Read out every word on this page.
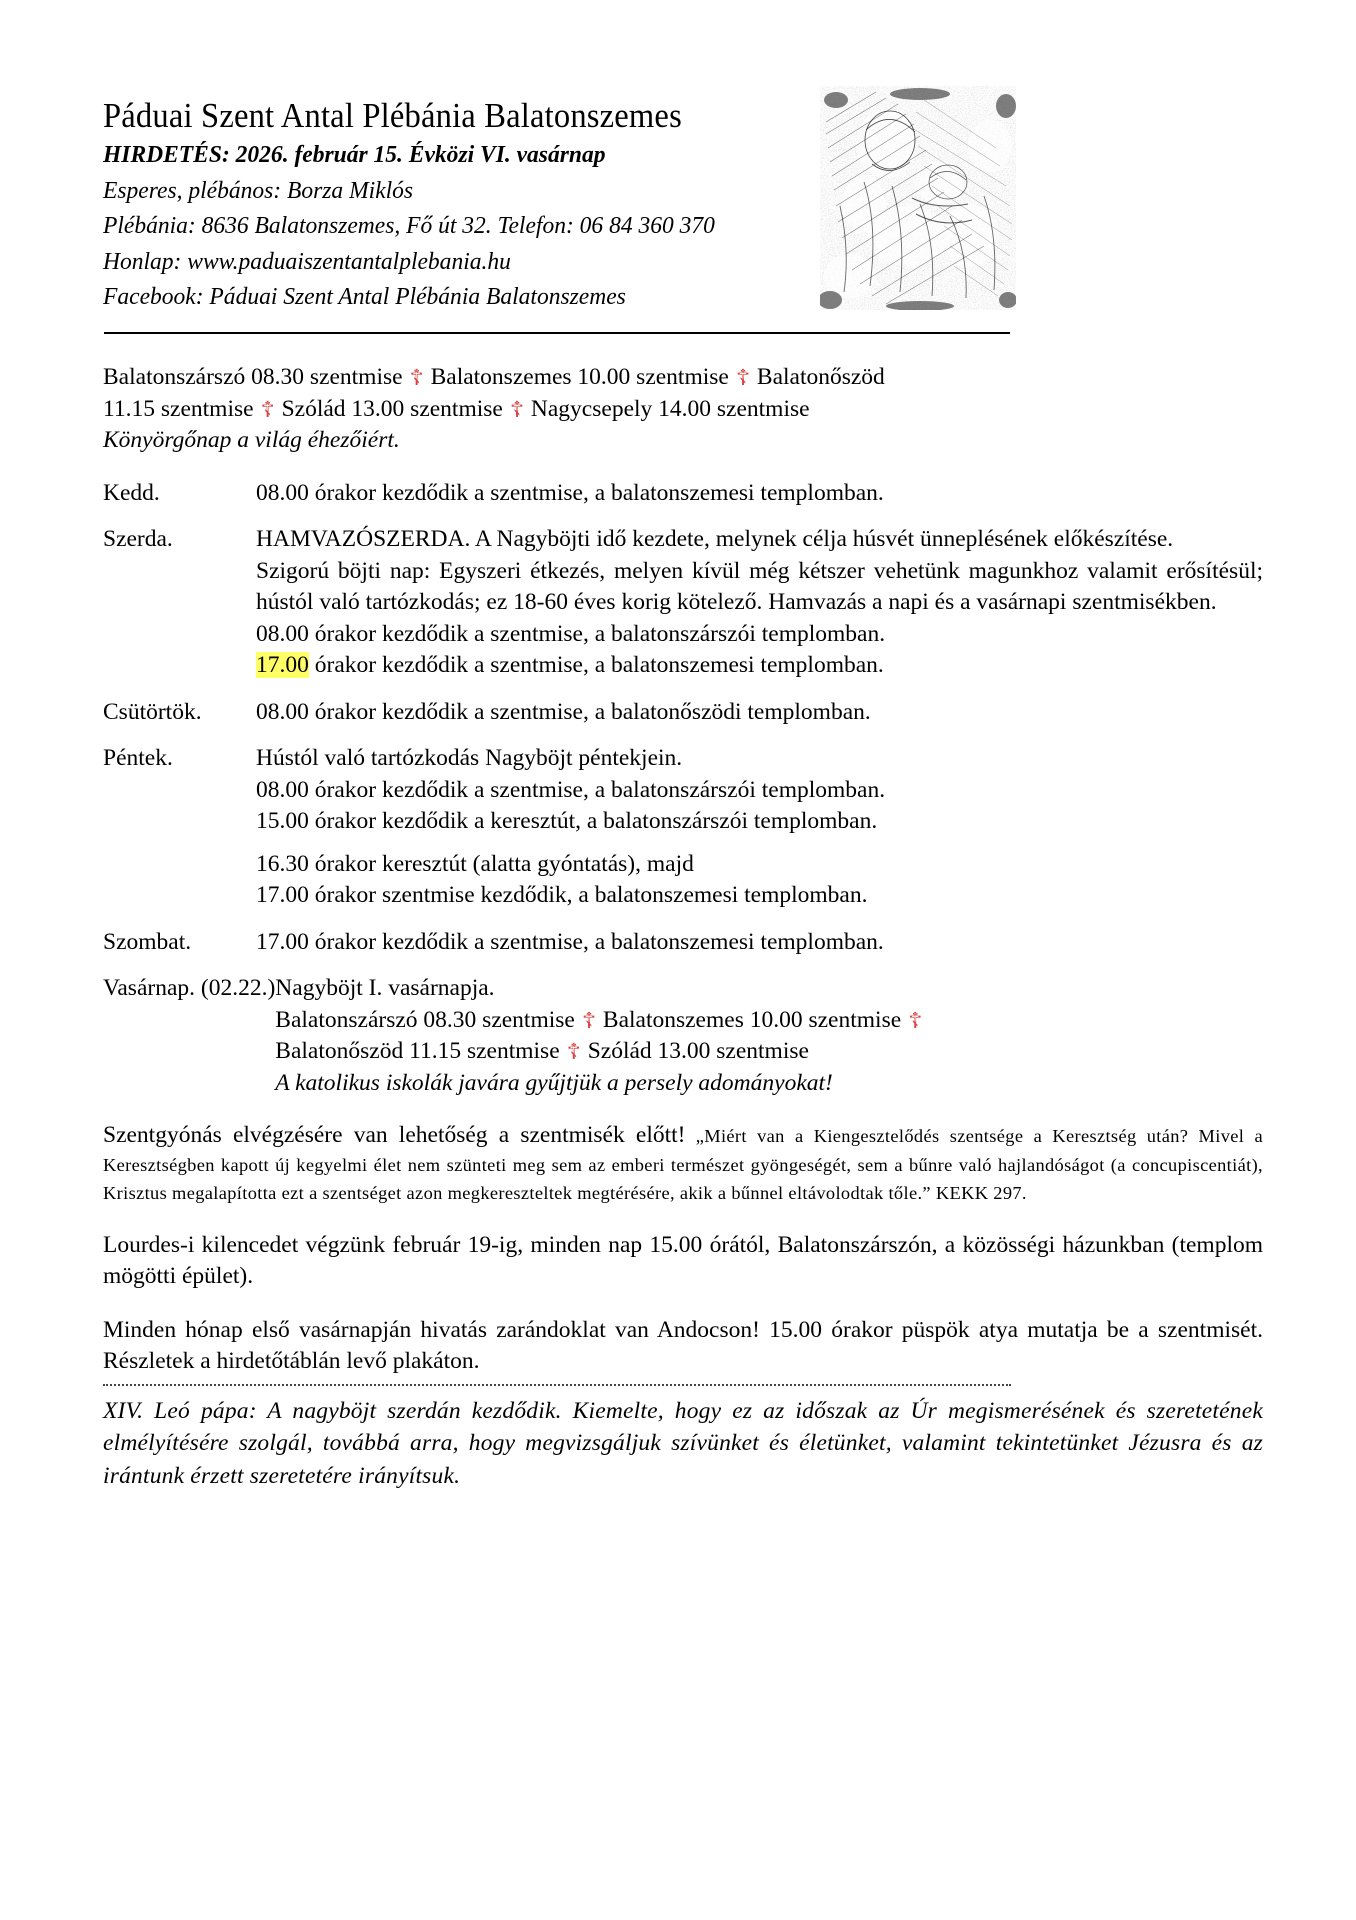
Páduai Szent Antal Plébánia Balatonszemes
HIRDETÉS: 2026. február 15. Évközi VI. vasárnap
Esperes, plébános: Borza Miklós
Plébánia: 8636 Balatonszemes, Fő út 32. Telefon: 06 84 360 370
Honlap: www.paduaiszentantalplebania.hu
Facebook: Páduai Szent Antal Plébánia Balatonszemes
Balatonszárszó 08.30 szentmise ☦ Balatonszemes 10.00 szentmise ☦ Balatonőszöd
11.15 szentmise ☦ Szólád 13.00 szentmise ☦ Nagycsepely 14.00 szentmise
Könyörgőnap a világ éhezőiért.
Kedd.	08.00 órakor kezdődik a szentmise, a balatonszemesi templomban.
Szerda.	HAMVAZÓSZERDA. A Nagyböjti idő kezdete, melynek célja húsvét ünneplésének előkészítése.
Szigorú böjti nap: Egyszeri étkezés, melyen kívül még kétszer vehetünk magunkhoz valamit erősítésül; hústól való tartózkodás; ez 18-60 éves korig kötelező. Hamvazás a napi és a vasárnapi szentmisékben.
08.00 órakor kezdődik a szentmise, a balatonszárszói templomban.
17.00 órakor kezdődik a szentmise, a balatonszemesi templomban.
Csütörtök.	08.00 órakor kezdődik a szentmise, a balatonőszödi templomban.
Péntek.	Hústól való tartózkodás Nagyböjt péntekjein.
08.00 órakor kezdődik a szentmise, a balatonszárszói templomban.
15.00 órakor kezdődik a keresztút, a balatonszárszói templomban.
16.30 órakor keresztút (alatta gyóntatás), majd
17.00 órakor szentmise kezdődik, a balatonszemesi templomban.
Szombat.	17.00 órakor kezdődik a szentmise, a balatonszemesi templomban.
Vasárnap. (02.22.) Nagyböjt I. vasárnapja.
Balatonszárszó 08.30 szentmise ☦ Balatonszemes 10.00 szentmise ☦
Balatonőszöd 11.15 szentmise ☦ Szólád 13.00 szentmise
A katolikus iskolák javára gyűjtjük a persely adományokat!
Szentgyónás elvégzésére van lehetőség a szentmisék előtt! „Miért van a Kiengesztelődés szentsége a Keresztség után? Mivel a Keresztségben kapott új kegyelmi élet nem szünteti meg sem az emberi természet gyöngeségét, sem a bűnre való hajlandóságot (a concupiscentiát), Krisztus megalapította ezt a szentséget azon megkereszteltek megtérésére, akik a bűnnel eltávolodtak tőle.” KEKK 297.
Lourdes-i kilencedet végzünk február 19-ig, minden nap 15.00 órától, Balatonszárszón, a közösségi házunkban (templom mögötti épület).
Minden hónap első vasárnapján hivatás zarándoklat van Andocson! 15.00 órakor püspök atya mutatja be a szentmisét. Részletek a hirdetőtáblán levő plakáton.
XIV. Leó pápa: A nagyböjt szerdán kezdődik. Kiemelte, hogy ez az időszak az Úr megismerésének és szeretetének elmélyítésére szolgál, továbbá arra, hogy megvizsgáljuk szívünket és életünket, valamint tekintetünket Jézusra és az irántunk érzett szeretetére irányítsuk.
